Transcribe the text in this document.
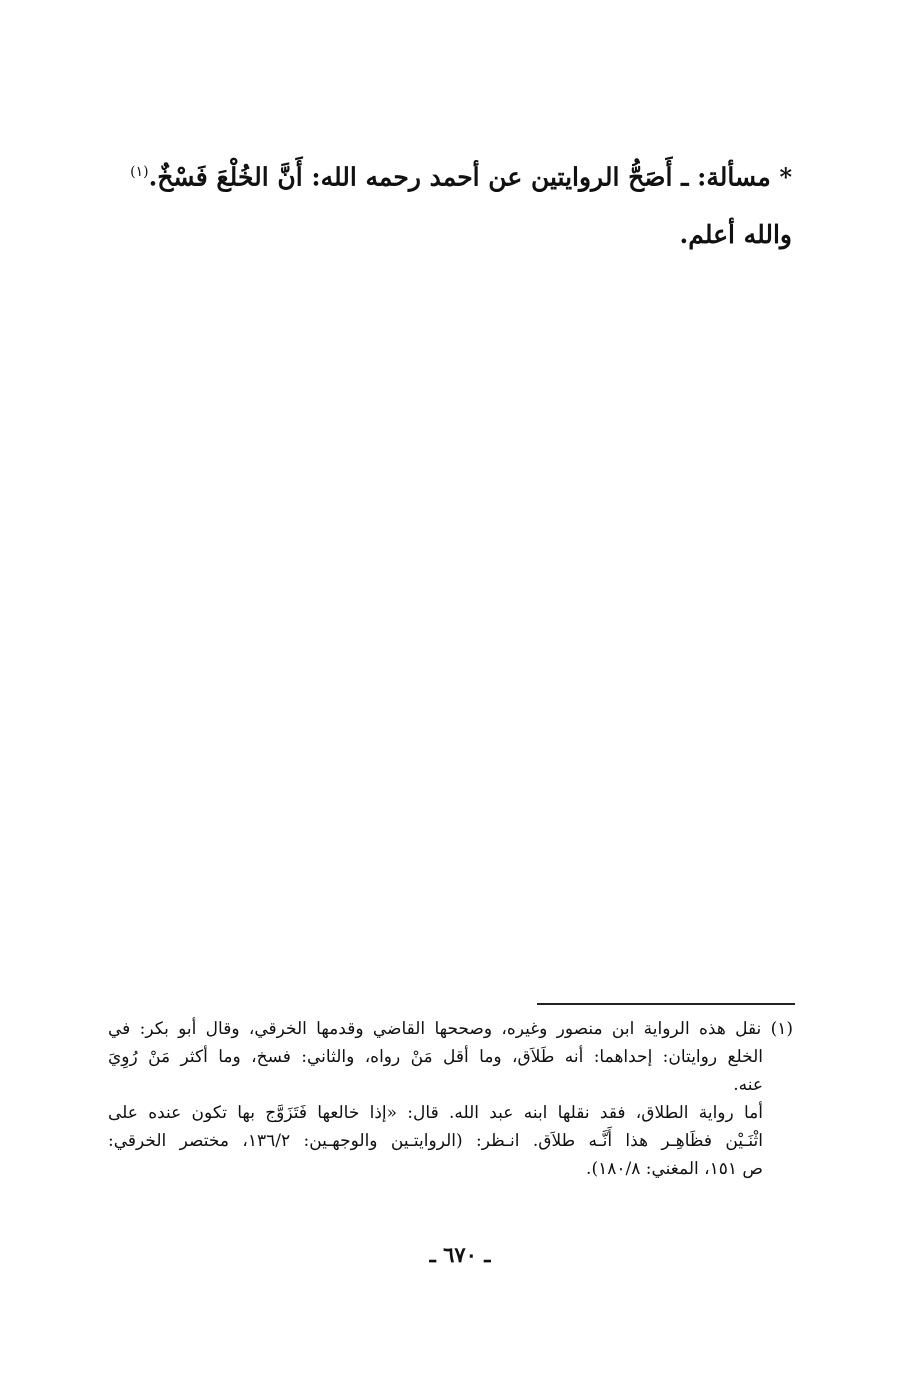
* مسألة: ـ أَصَحُّ الروايتين عن أحمد رحمه الله: أَنَّ الخُلْعَ فَسْخٌ.$^{(١)}$
والله أعلم.
(١) نقل هذه الرواية ابن منصور وغيره، وصححها القاضي وقدمها الخرقي، وقال أبو بكر: في
الخلع روايتان: إحداهما: أنه طَلاَق، وما أقل مَنْ رواه، والثاني: فسخ، وما أكثر مَنْ رُوِيَ
عنه.
أما رواية الطلاق، فقد نقلها ابنه عبد الله. قال: «إذا خالعها فَتَزَوَّج بها تكون عنده على
اثْنَـيْن فظَاهِـر هذا أَنَّـه طلاَق. انـظر: (الروايتـين والوجهـين: ١٣٦/٢، مختصر الخرقي:
ص ١٥١، المغني: ١٨٠/٨).
ـ ٦٧٠ ـ
